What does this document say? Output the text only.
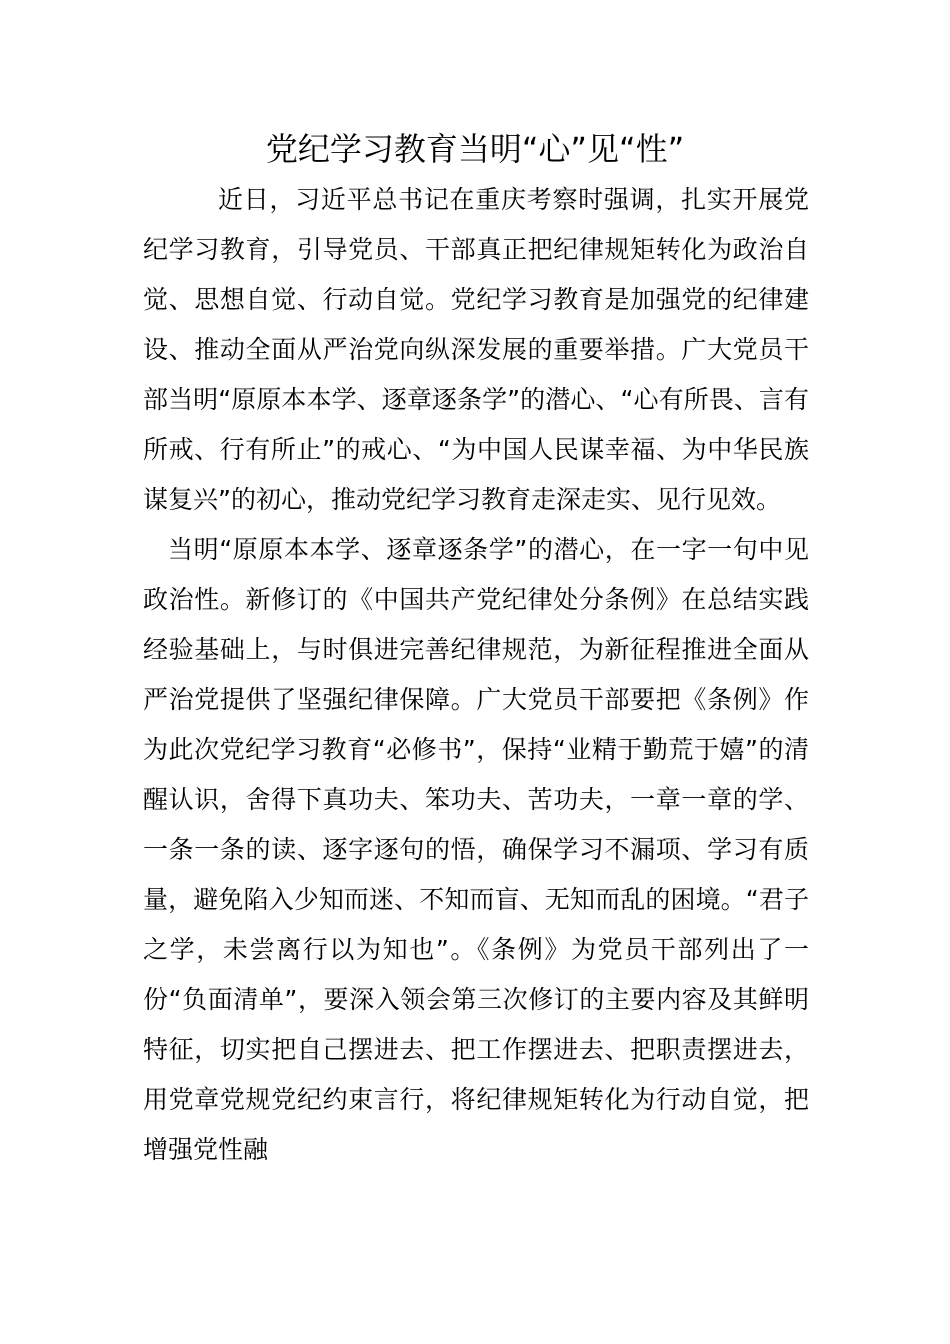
党纪学习教育当明“心”见“性”

近日，习近平总书记在重庆考察时强调，扎实开展党纪学习教育，引导党员、干部真正把纪律规矩转化为政治自觉、思想自觉、行动自觉。党纪学习教育是加强党的纪律建设、推动全面从严治党向纵深发展的重要举措。广大党员干部当明“原原本本学、逐章逐条学”的潜心、“心有所畏、言有所戒、行有所止”的戒心、“为中国人民谋幸福、为中华民族谋复兴”的初心，推动党纪学习教育走深走实、见行见效。

当明“原原本本学、逐章逐条学”的潜心，在一字一句中见政治性。新修订的《中国共产党纪律处分条例》在总结实践经验基础上，与时俱进完善纪律规范，为新征程推进全面从严治党提供了坚强纪律保障。广大党员干部要把《条例》作为此次党纪学习教育“必修书”，保持“业精于勤荒于嬉”的清醒认识，舍得下真功夫、笨功夫、苦功夫，一章一章的学、一条一条的读、逐字逐句的悟，确保学习不漏项、学习有质量，避免陷入少知而迷、不知而盲、无知而乱的困境。“君子之学，未尝离行以为知也”。《条例》为党员干部列出了一份“负面清单”，要深入领会第三次修订的主要内容及其鲜明特征，切实把自己摆进去、把工作摆进去、把职责摆进去，用党章党规党纪约束言行，将纪律规矩转化为行动自觉，把增强党性融
